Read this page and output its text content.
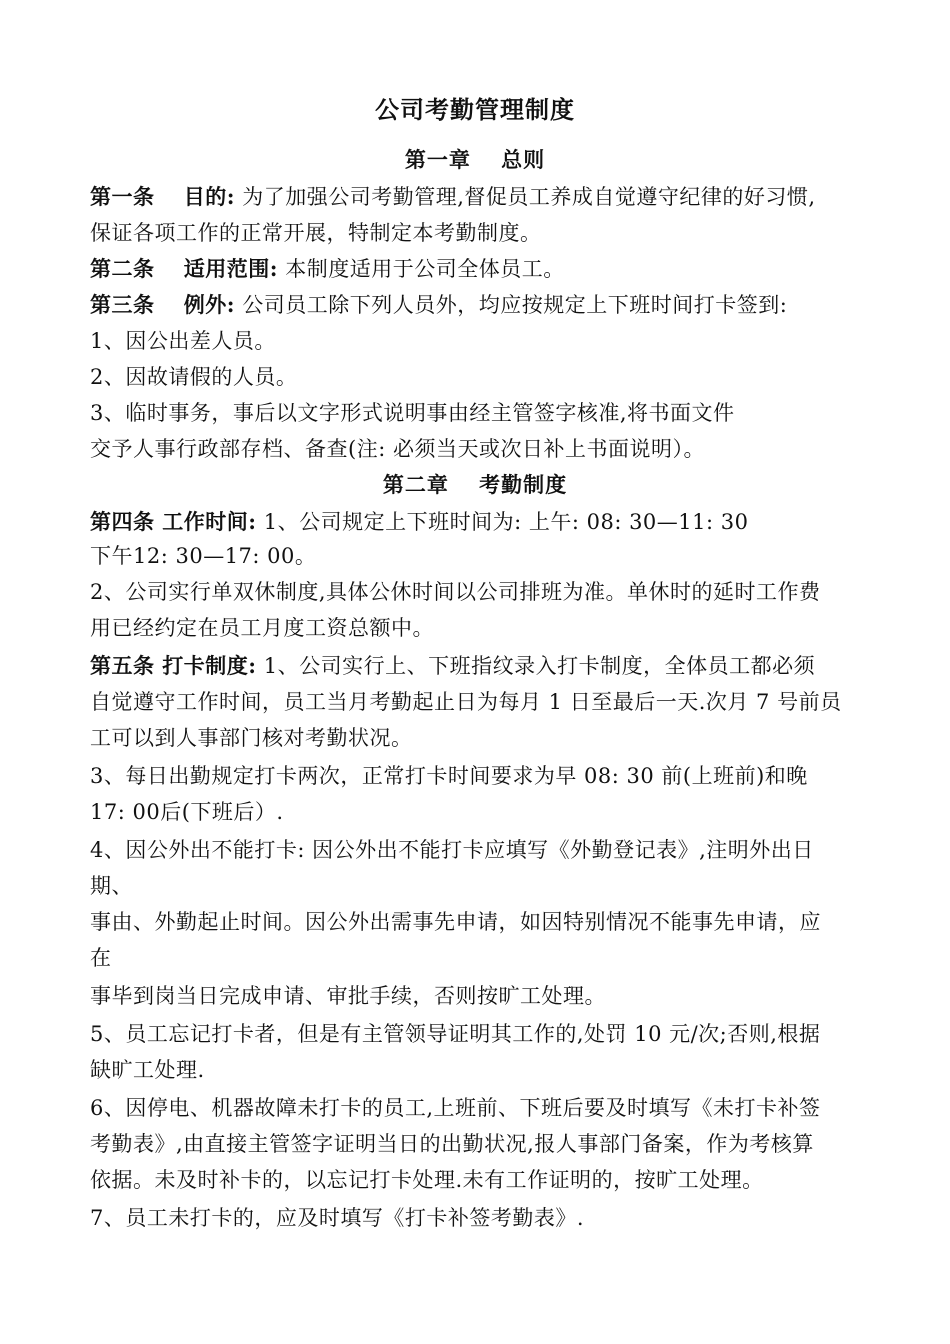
公司考勤管理制度
第一章　 总则
第一条　 目的: 为了加强公司考勤管理,督促员工养成自觉遵守纪律的好习惯,
保证各项工作的正常开展，特制定本考勤制度。
第二条　 适用范围: 本制度适用于公司全体员工。
第三条　 例外: 公司员工除下列人员外，均应按规定上下班时间打卡签到:
1、因公出差人员。
2、因故请假的人员。
3、临时事务，事后以文字形式说明事由经主管签字核准,将书面文件
交予人事行政部存档、备查(注: 必须当天或次日补上书面说明）。
第二章　 考勤制度
第四条 工作时间: 1、公司规定上下班时间为: 上午: 08: 30—11: 30
下午12: 30—17: 00。
2、公司实行单双休制度,具体公休时间以公司排班为准。单休时的延时工作费
用已经约定在员工月度工资总额中。
第五条 打卡制度: 1、公司实行上、下班指纹录入打卡制度，全体员工都必须
自觉遵守工作时间，员工当月考勤起止日为每月 1 日至最后一天.次月 7 号前员
工可以到人事部门核对考勤状况。
3、每日出勤规定打卡两次，正常打卡时间要求为早 08: 30 前(上班前)和晚
17: 00后(下班后）.
4、因公外出不能打卡: 因公外出不能打卡应填写《外勤登记表》,注明外出日
期、
事由、外勤起止时间。因公外出需事先申请，如因特别情况不能事先申请，应
在
事毕到岗当日完成申请、审批手续，否则按旷工处理。
5、员工忘记打卡者，但是有主管领导证明其工作的,处罚 10 元/次;否则,根据
缺旷工处理.
6、因停电、机器故障未打卡的员工,上班前、下班后要及时填写《未打卡补签
考勤表》,由直接主管签字证明当日的出勤状况,报人事部门备案，作为考核算
依据。未及时补卡的，以忘记打卡处理.未有工作证明的，按旷工处理。
7、员工未打卡的，应及时填写《打卡补签考勤表》.
